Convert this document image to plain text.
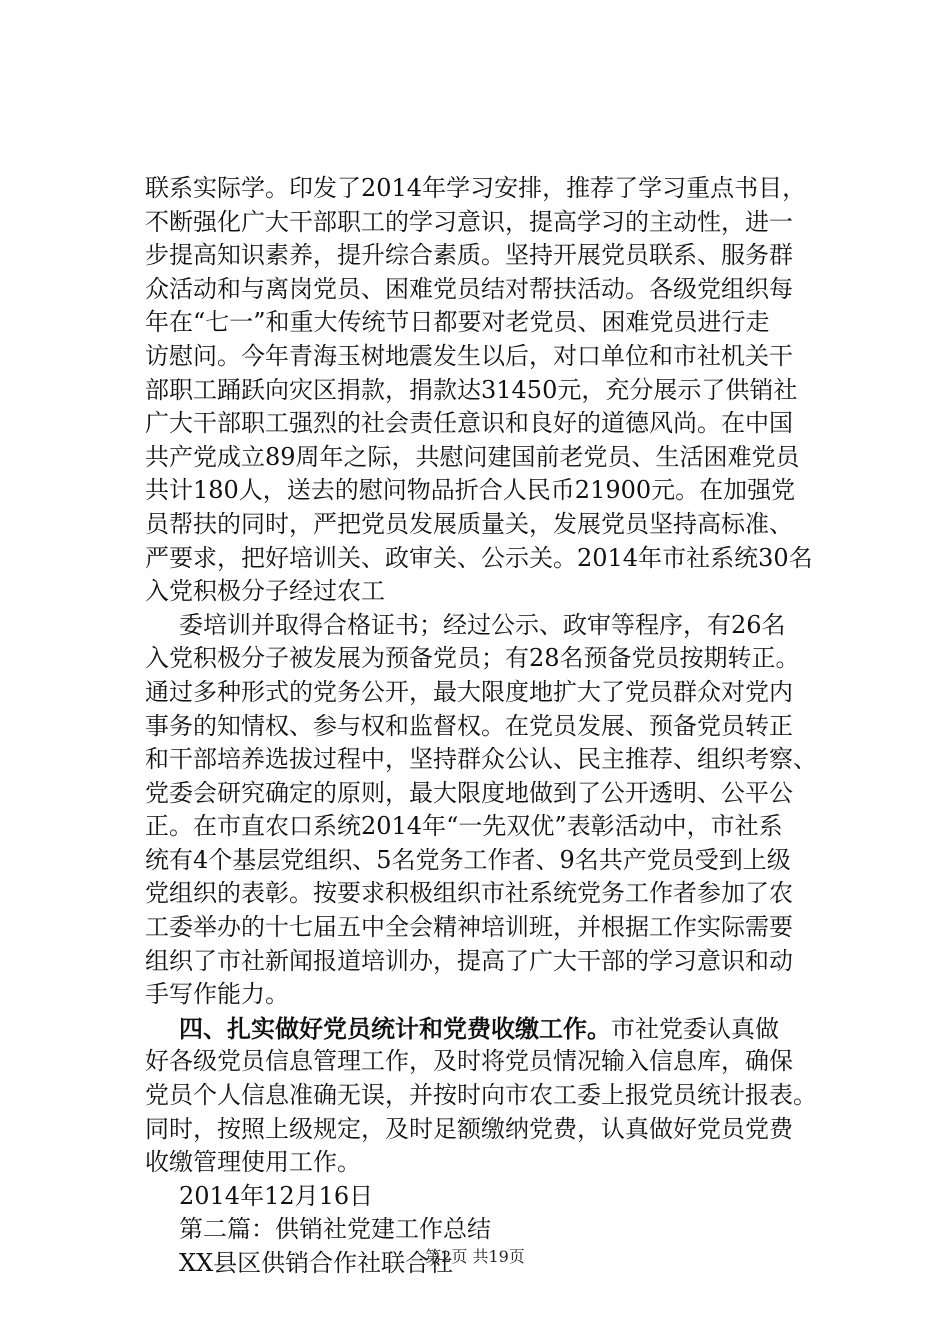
联系实际学。印发了2014年学习安排，推荐了学习重点书目，
不断强化广大干部职工的学习意识，提高学习的主动性，进一
步提高知识素养，提升综合素质。坚持开展党员联系、服务群
众活动和与离岗党员、困难党员结对帮扶活动。各级党组织每
年在“七一”和重大传统节日都要对老党员、困难党员进行走
访慰问。今年青海玉树地震发生以后，对口单位和市社机关干
部职工踊跃向灾区捐款，捐款达31450元，充分展示了供销社
广大干部职工强烈的社会责任意识和良好的道德风尚。在中国
共产党成立89周年之际，共慰问建国前老党员、生活困难党员
共计180人，送去的慰问物品折合人民币21900元。在加强党
员帮扶的同时，严把党员发展质量关，发展党员坚持高标准、
严要求，把好培训关、政审关、公示关。2014年市社系统30名
入党积极分子经过农工
委培训并取得合格证书；经过公示、政审等程序，有26名
入党积极分子被发展为预备党员；有28名预备党员按期转正。
通过多种形式的党务公开，最大限度地扩大了党员群众对党内
事务的知情权、参与权和监督权。在党员发展、预备党员转正
和干部培养选拔过程中，坚持群众公认、民主推荐、组织考察、
党委会研究确定的原则，最大限度地做到了公开透明、公平公
正。在市直农口系统2014年“一先双优”表彰活动中，市社系
统有4个基层党组织、5名党务工作者、9名共产党员受到上级
党组织的表彰。按要求积极组织市社系统党务工作者参加了农
工委举办的十七届五中全会精神培训班，并根据工作实际需要
组织了市社新闻报道培训办，提高了广大干部的学习意识和动
手写作能力。
四、扎实做好党员统计和党费收缴工作。市社党委认真做
好各级党员信息管理工作，及时将党员情况输入信息库，确保
党员个人信息准确无误，并按时向市农工委上报党员统计报表。
同时，按照上级规定，及时足额缴纳党费，认真做好党员党费
收缴管理使用工作。
2014年12月16日
第二篇：供销社党建工作总结
XX县区供销合作社联合社
第2页 共19页
